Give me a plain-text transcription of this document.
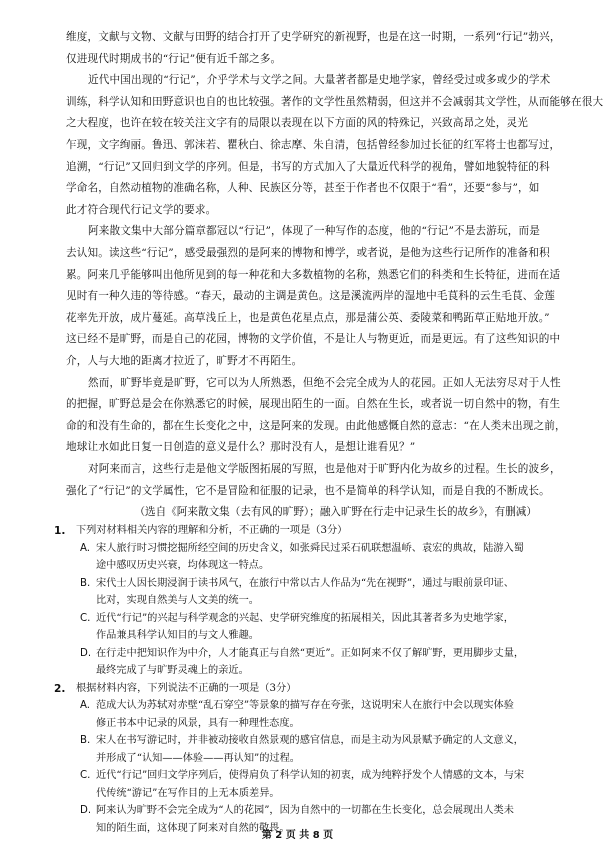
维度，文献与文物、文献与田野的结合打开了史学研究的新视野，也是在这一时期，一系列“行记”勃兴，
仅进现代时期成书的“行记”便有近千部之多。
近代中国出现的“行记”，介乎学术与文学之间。大量著者都是史地学家，曾经受过或多或少的学术
训练，科学认知和田野意识也自的也比较强。著作的文学性虽然精弱，但这并不会减弱其文学性，从而能够在很大
之大程度，也许在较在较关注文字有的局限以表现在以下方面的风的特殊记，兴致高昂之处，灵光
乍现，文字绚丽。鲁迅、郭沫若、瞿秋白、徐志摩、朱自清，包括曾经参加过长征的红军将士也都写过，
追溯，“行记”又回归到文学的序列。但是，书写的方式加入了大量近代科学的视角，譬如地貌特征的科
学命名，自然动植物的准确名称，人种、民族区分等，甚至于作者也不仅限于“看”，还要“参与”，如
此才符合现代行记文学的要求。
阿来散文集中大部分篇章都冠以“行记”，体现了一种写作的态度，他的“行记”不是去游玩，而是
去认知。读这些“行记”，感受最强烈的是阿来的博物和博学，或者说，是他为这些行记所作的准备和积
累。阿来几乎能够叫出他所见到的每一种花和大多数植物的名称，熟悉它们的科类和生长特征，进而在适
见时有一种久违的等待感。“春天，最动的主调是黄色。这是溪流两岸的湿地中毛茛科的云生毛茛、金莲
花率先开放，成片蔓延。高草浅丘上，也是黄色花星点点，那是蒲公英、委陵菜和鸭跖草正贴地开放。”
这已经不是旷野，而是自己的花园，博物的文学价值，不是让人与物更近，而是更远。有了这些知识的中
介，人与大地的距离才拉近了，旷野才不再陌生。
然而，旷野毕竟是旷野，它可以为人所熟悉，但绝不会完全成为人的花园。正如人无法穷尽对于人性
的把握，旷野总是会在你熟悉它的时候，展现出陌生的一面。自然在生长，或者说一切自然中的物，有生
命的和没有生命的，都在生长变化之中，这是阿来的发现。由此他感慨自然的意志：“在人类未出现之前，
地球让水如此日复一日创造的意义是什么？那时没有人，是想让谁看见？”
对阿来而言，这些行走是他文学版图拓展的写照，也是他对于旷野内化为故乡的过程。生长的波乡，
强化了“行记”的文学属性，它不是冒险和征服的记录，也不是简单的科学认知，而是自我的不断成长。
（选自《阿来散文集（去有风的旷野）；融入旷野在行走中记录生长的故乡》，有删减）
1. 下列对材料相关内容的理解和分析，不正确的一项是（3分）
A. 宋人旅行时习惯挖掘所经空间的历史含义，如张舜民过采石矶联想温峤、袁宏的典故，陆游入蜀
途中感叹历史兴衰，均体现这一特点。
B. 宋代士人因长期浸润于读书风气，在旅行中常以古人作品为“先在视野”，通过与眼前景印证、
比对，实现自然美与人文美的统一。
C. 近代“行记”的兴起与科学观念的兴起、史学研究维度的拓展相关，因此其著者多为史地学家，
作品兼具科学认知目的与文人雅趣。
D. 在行走中把知识作为中介，人才能真正与自然“更近”。正如阿来不仅了解旷野，更用脚步丈量，
最终完成了与旷野灵魂上的亲近。
2. 根据材料内容，下列说法不正确的一项是（3分）
A. 范成大认为苏轼对赤壁“乱石穿空”等景象的描写存在夸张，这说明宋人在旅行中会以现实体验
修正书本中记录的风景，具有一种理性态度。
B. 宋人在书写游记时，并非被动接收自然景观的感官信息，而是主动为风景赋予确定的人文意义，
并形成了“认知——体验——再认知”的过程。
C. 近代“行记”回归文学序列后，使得肩负了科学认知的初衷，成为纯粹抒发个人情感的文本，与宋
代传统“游记”在写作目的上无本质差异。
D. 阿来认为旷野不会完全成为“人的花园”，因为自然中的一切都在生长变化，总会展现出人类未
知的陌生面，这体现了阿来对自然的敬畏。
第 2 页 共 8 页
